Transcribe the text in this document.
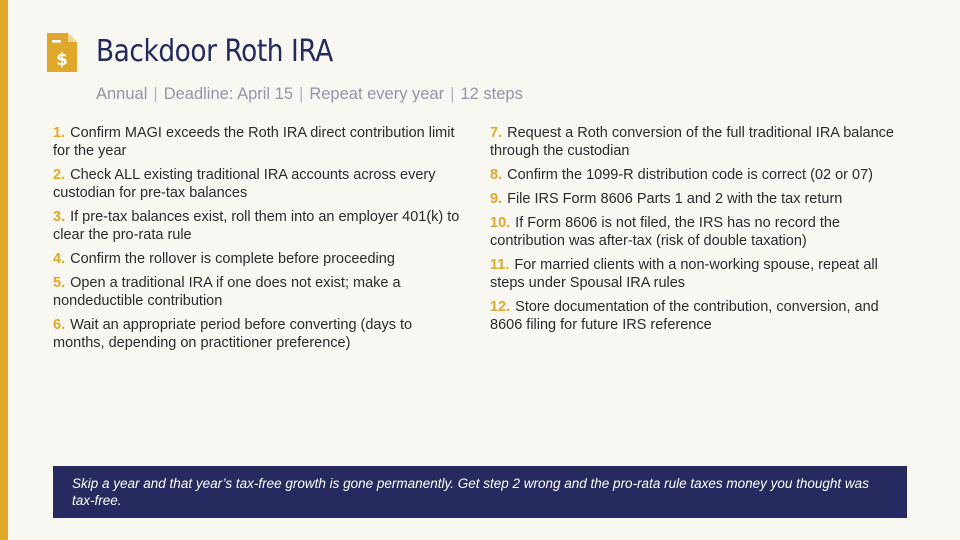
$ Backdoor Roth IRA
Annual | Deadline: April 15 | Repeat every year | 12 steps

1. Confirm MAGI exceeds the Roth IRA direct contribution limit for the year

2. Check ALL existing traditional IRA accounts across every custodian for pre-tax balances

3. If pre-tax balances exist, roll them into an employer 401(k) to clear the pro-rata rule

4. Confirm the rollover is complete before proceeding

5. Open a traditional IRA if one does not exist; make a nondeductible contribution

6. Wait an appropriate period before converting (days to months, depending on practitioner preference)

7. Request a Roth conversion of the full traditional IRA balance through the custodian

8. Confirm the 1099-R distribution code is correct (02 or 07)

9. File IRS Form 8606 Parts 1 and 2 with the tax return

10. If Form 8606 is not filed, the IRS has no record the contribution was after-tax (risk of double taxation)

11. For married clients with a non-working spouse, repeat all steps under Spousal IRA rules

12. Store documentation of the contribution, conversion, and 8606 filing for future IRS reference

Skip a year and that year’s tax-free growth is gone permanently. Get step 2 wrong and the pro-rata rule taxes money you thought was tax-free.
